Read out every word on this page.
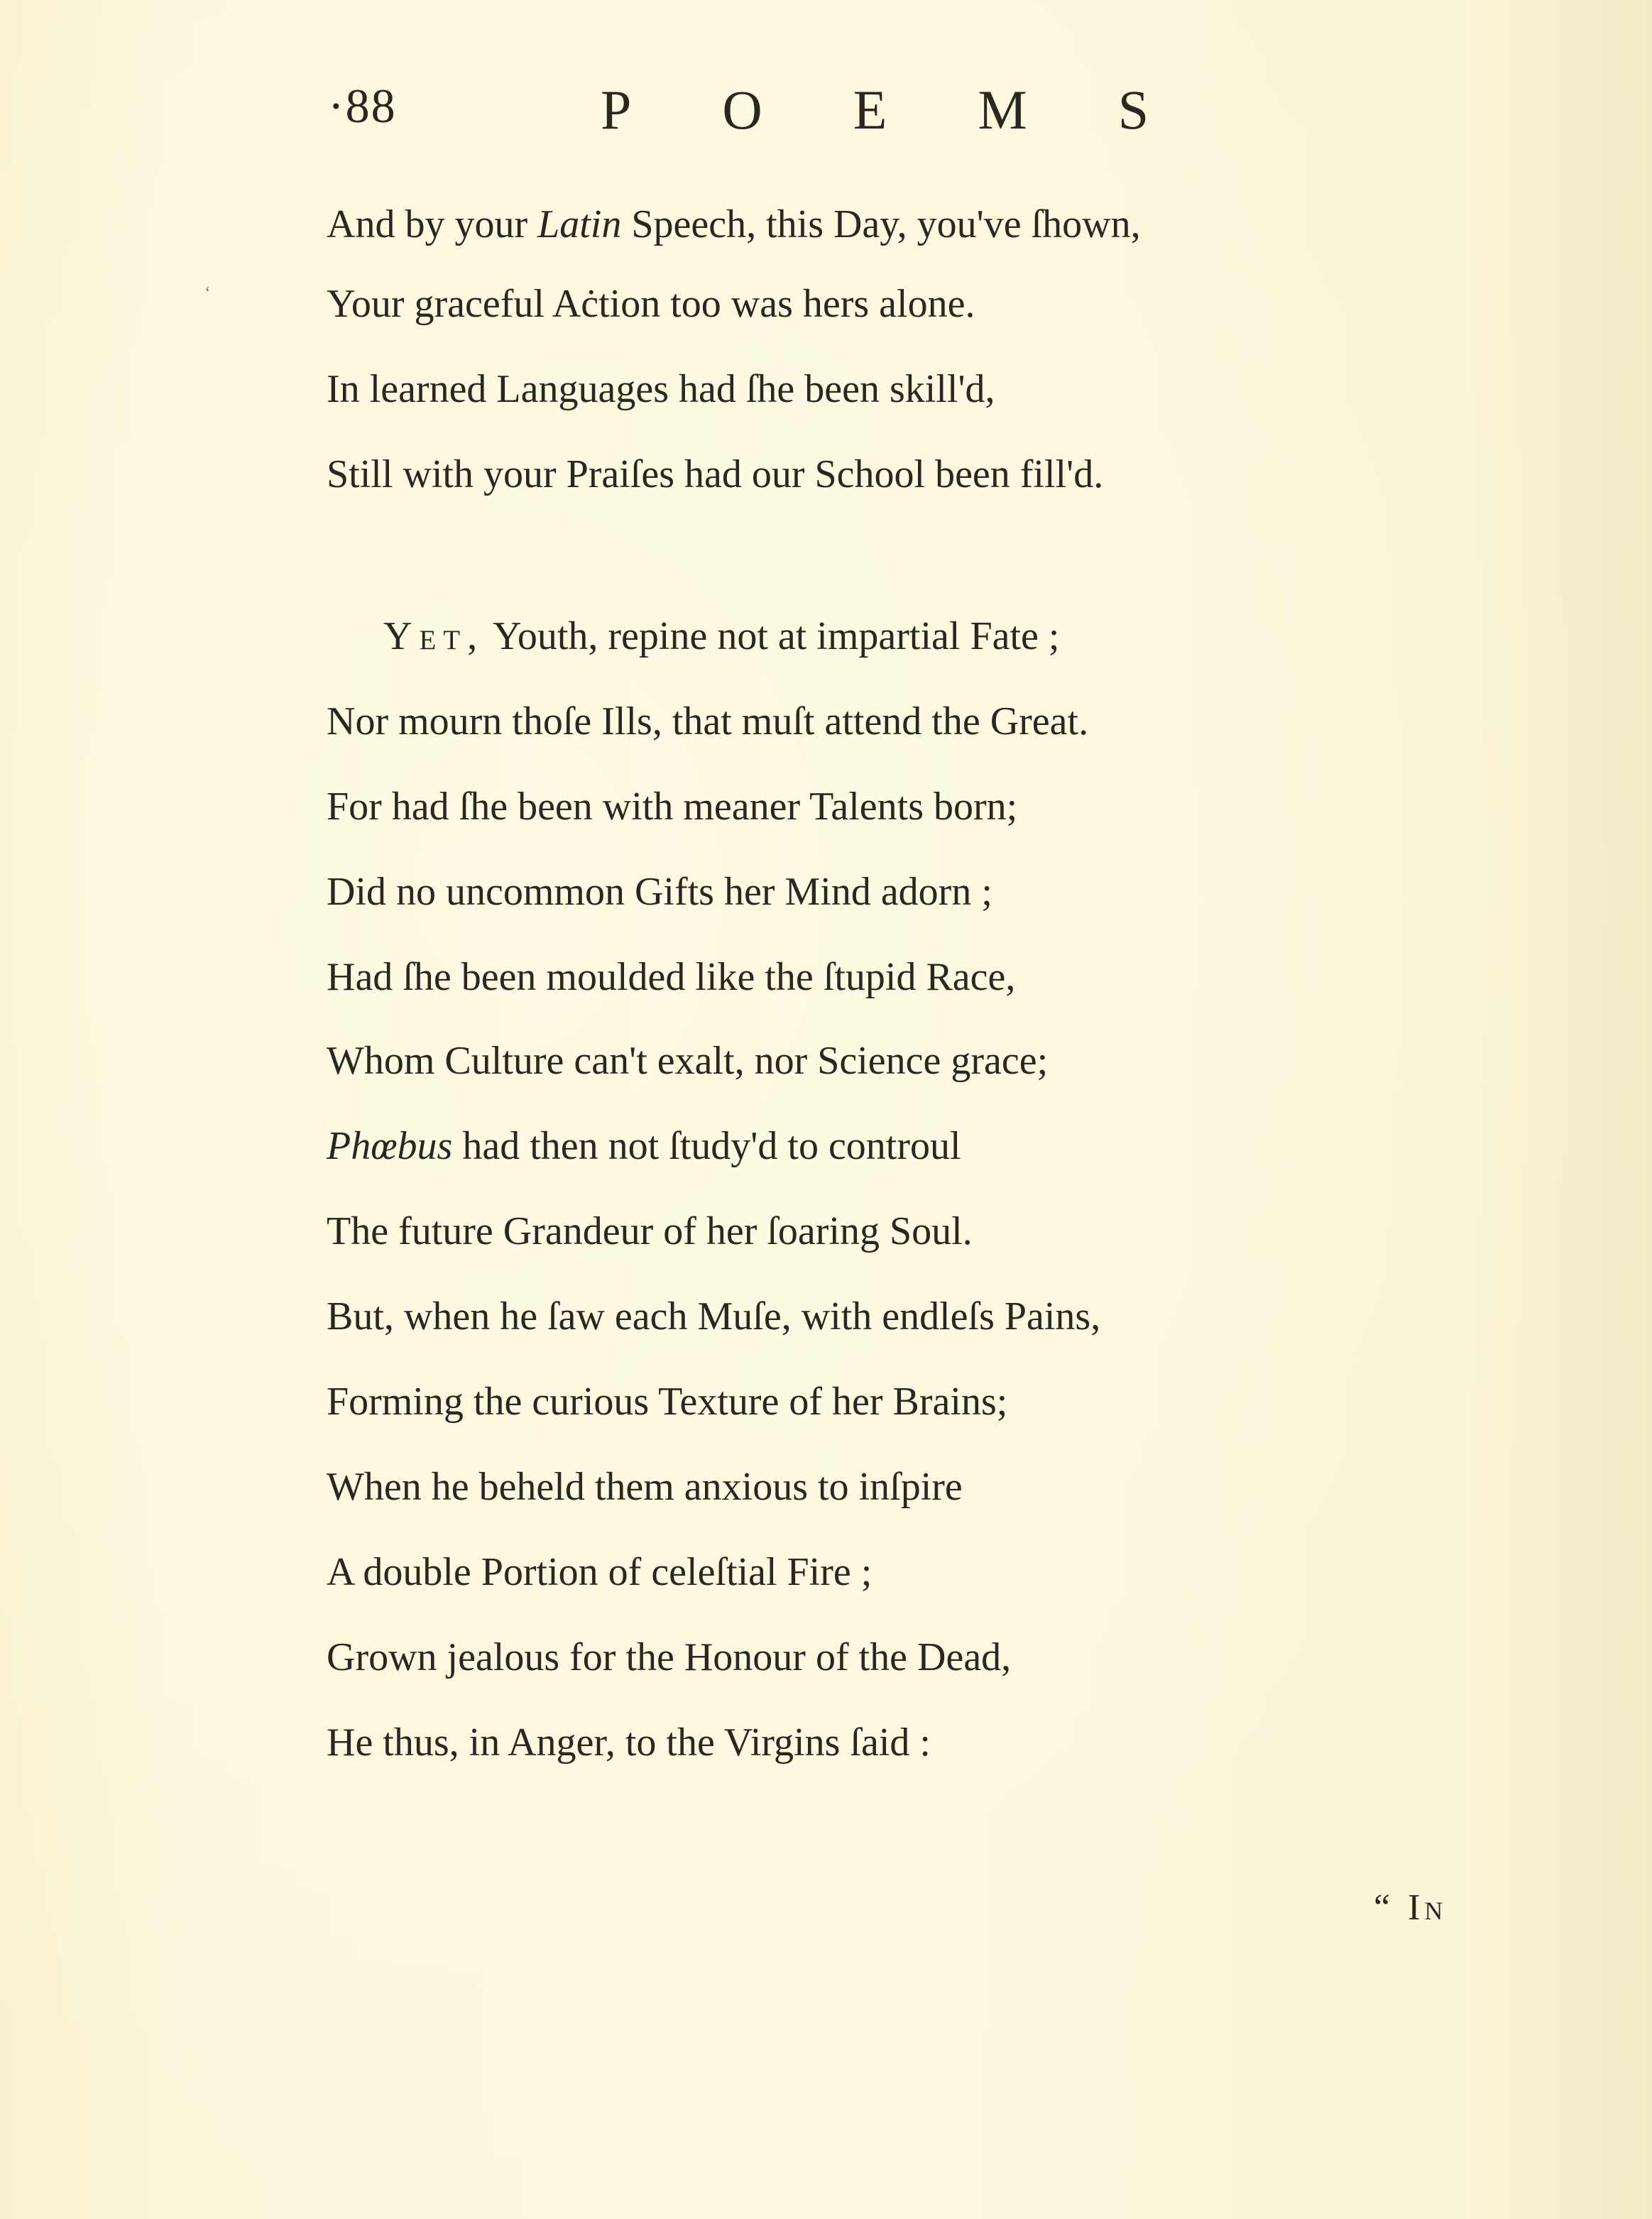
‘
·88	POEMS
And by your Latin Speech, this Day, you've ſhown,
Your graceful Aċtion too was hers alone.
In learned Languages had ſhe been skill'd,
Still with your Praiſes had our School been fill'd.
Yet, Youth, repine not at impartial Fate ;
Nor mourn thoſe Ills, that muſt attend the Great.
For had ſhe been with meaner Talents born;
Did no uncommon Gifts her Mind adorn ;
Had ſhe been moulded like the ſtupid Race,
Whom Culture can't exalt, nor Science grace;
Phœbus had then not ſtudy'd to controul
The future Grandeur of her ſoaring Soul.
But, when he ſaw each Muſe, with endleſs Pains,
Forming the curious Texture of her Brains;
When he beheld them anxious to inſpire
A double Portion of celeſtial Fire ;
Grown jealous for the Honour of the Dead,
He thus, in Anger, to the Virgins ſaid :
“ In
